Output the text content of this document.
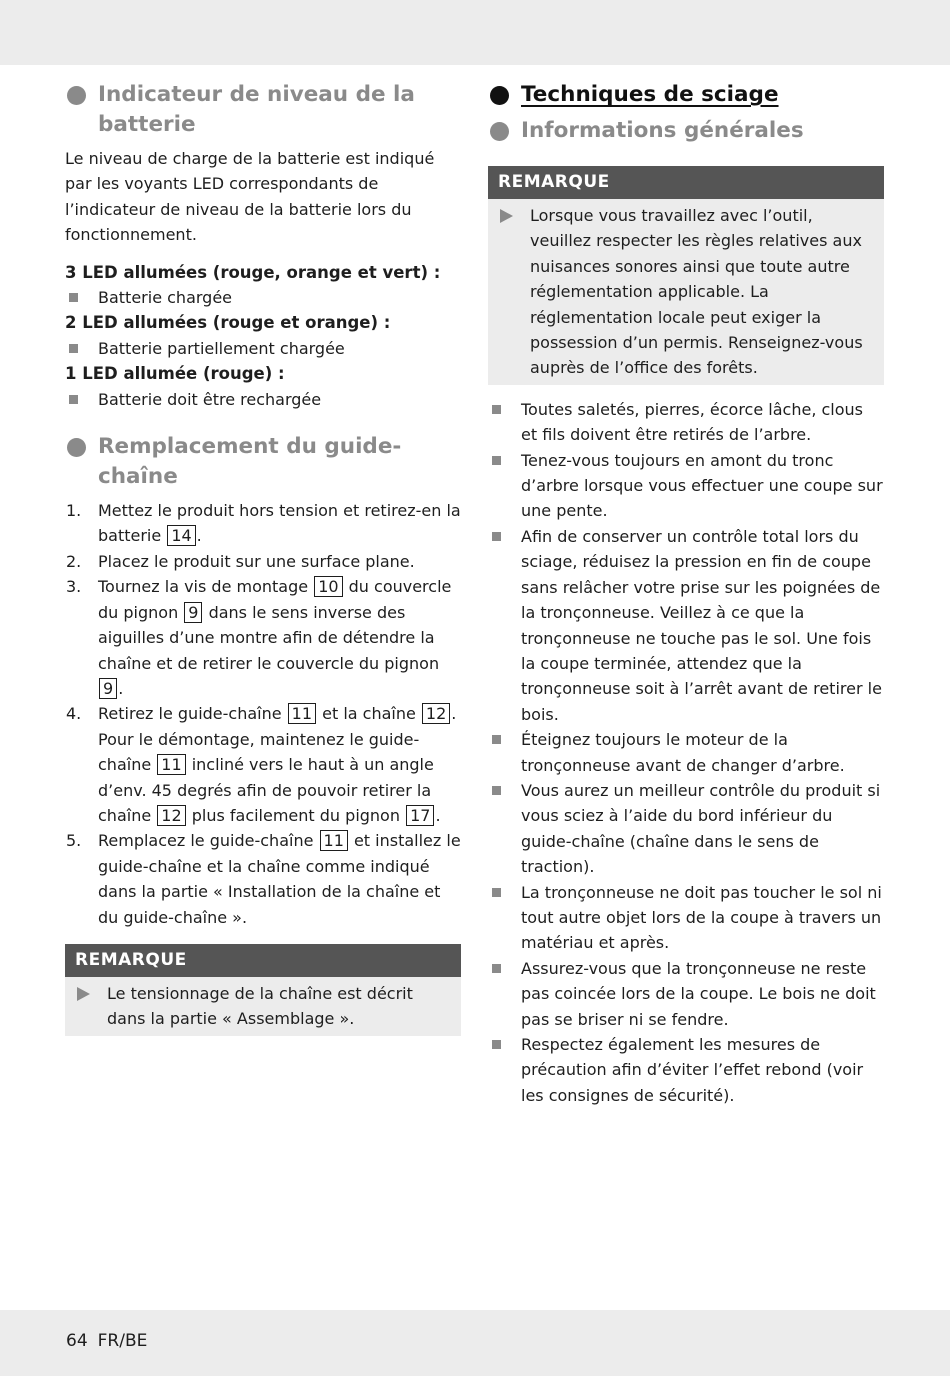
Indicateur de niveau de la
batterie

Le niveau de charge de la batterie est indiqué par les voyants LED correspondants de l’indicateur de niveau de la batterie lors du fonctionnement.

3 LED allumées (rouge, orange et vert) :
Batterie chargée
2 LED allumées (rouge et orange) :
Batterie partiellement chargée
1 LED allumée (rouge) :
Batterie doit être rechargée
Remplacement du guide-
chaîne
1. Mettez le produit hors tension et retirez-en la batterie 14 .
2. Placez le produit sur une surface plane.
3. Tournez la vis de montage 10 du couvercle du pignon 9 dans le sens inverse des aiguilles d’une montre afin de détendre la chaîne et de retirer le couvercle du pignon 9 .
4. Retirez le guide-chaîne 11 et la chaîne 12 . Pour le démontage, maintenez le guide-chaîne 11 incliné vers le haut à un angle d’env. 45 degrés afin de pouvoir retirer la chaîne 12 plus facilement du pignon 17 .
5. Remplacez le guide-chaîne 11 et installez le guide-chaîne et la chaîne comme indiqué dans la partie « Installation de la chaîne et du guide-chaîne ».
REMARQUE
Le tensionnage de la chaîne est décrit dans la partie « Assemblage ».
Techniques de sciage
Informations générales
REMARQUE
Lorsque vous travaillez avec l’outil, veuillez respecter les règles relatives aux nuisances sonores ainsi que toute autre réglementation applicable. La réglementation locale peut exiger la possession d’un permis. Renseignez-vous auprès de l’office des forêts.
Toutes saletés, pierres, écorce lâche, clous et fils doivent être retirés de l’arbre.
Tenez-vous toujours en amont du tronc d’arbre lorsque vous effectuer une coupe sur une pente.
Afin de conserver un contrôle total lors du sciage, réduisez la pression en fin de coupe sans relâcher votre prise sur les poignées de la tronçonneuse. Veillez à ce que la tronçonneuse ne touche pas le sol. Une fois la coupe terminée, attendez que la tronçonneuse soit à l’arrêt avant de retirer le bois.
Éteignez toujours le moteur de la tronçonneuse avant de changer d’arbre.
Vous aurez un meilleur contrôle du produit si vous sciez à l’aide du bord inférieur du guide-chaîne (chaîne dans le sens de traction).
La tronçonneuse ne doit pas toucher le sol ni tout autre objet lors de la coupe à travers un matériau et après.
Assurez-vous que la tronçonneuse ne reste pas coincée lors de la coupe. Le bois ne doit pas se briser ni se fendre.
Respectez également les mesures de précaution afin d’éviter l’effet rebond (voir les consignes de sécurité).
64 FR/BE
